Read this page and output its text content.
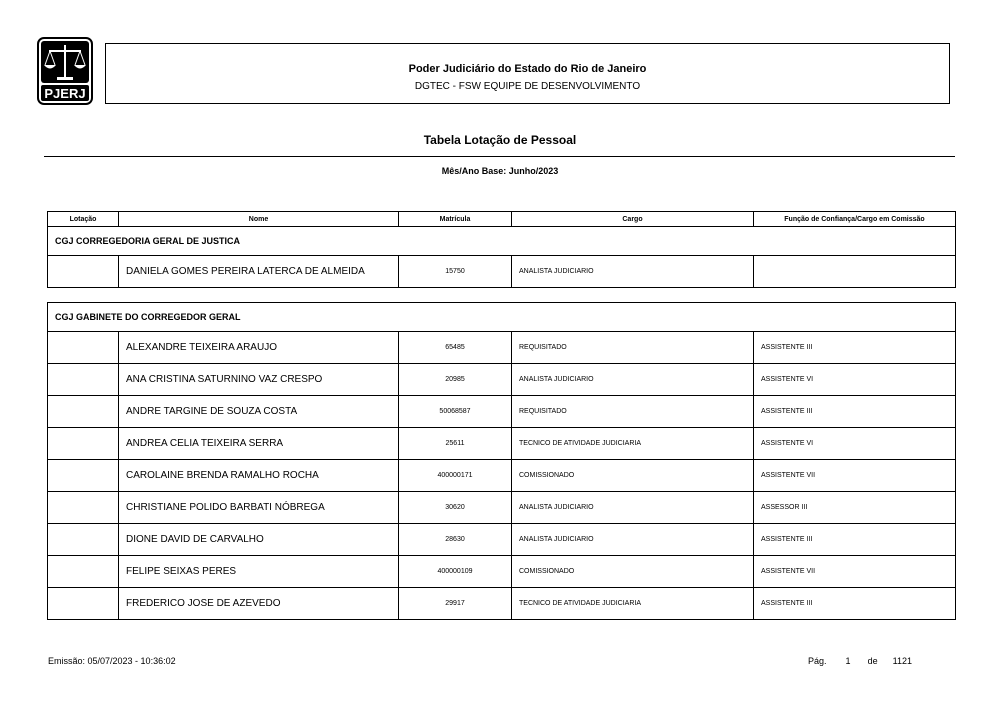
PJERJ
Poder Judiciário do Estado do Rio de Janeiro
DGTEC - FSW EQUIPE DE DESENVOLVIMENTO
Tabela Lotação de Pessoal
Mês/Ano Base: Junho/2023
Lotação	Nome	Matrícula	Cargo	Função de Confiança/Cargo em Comissão
CGJ CORREGEDORIA GERAL DE JUSTICA				
	DANIELA GOMES PEREIRA LATERCA DE ALMEIDA	15750	ANALISTA JUDICIARIO	
CGJ GABINETE DO CORREGEDOR GERAL				
	ALEXANDRE TEIXEIRA ARAUJO	65485	REQUISITADO	ASSISTENTE III
	ANA CRISTINA SATURNINO VAZ CRESPO	20985	ANALISTA JUDICIARIO	ASSISTENTE VI
	ANDRE TARGINE DE SOUZA COSTA	50068587	REQUISITADO	ASSISTENTE III
	ANDREA CELIA TEIXEIRA SERRA	25611	TECNICO DE ATIVIDADE JUDICIARIA	ASSISTENTE VI
	CAROLAINE BRENDA RAMALHO ROCHA	400000171	COMISSIONADO	ASSISTENTE VII
	CHRISTIANE POLIDO BARBATI NÓBREGA	30620	ANALISTA JUDICIARIO	ASSESSOR III
	DIONE DAVID DE CARVALHO	28630	ANALISTA JUDICIARIO	ASSISTENTE III
	FELIPE SEIXAS PERES	400000109	COMISSIONADO	ASSISTENTE VII
	FREDERICO JOSE DE AZEVEDO	29917	TECNICO DE ATIVIDADE JUDICIARIA	ASSISTENTE III
Emissão: 05/07/2023 - 10:36:02	Pág. 1 de 1121
